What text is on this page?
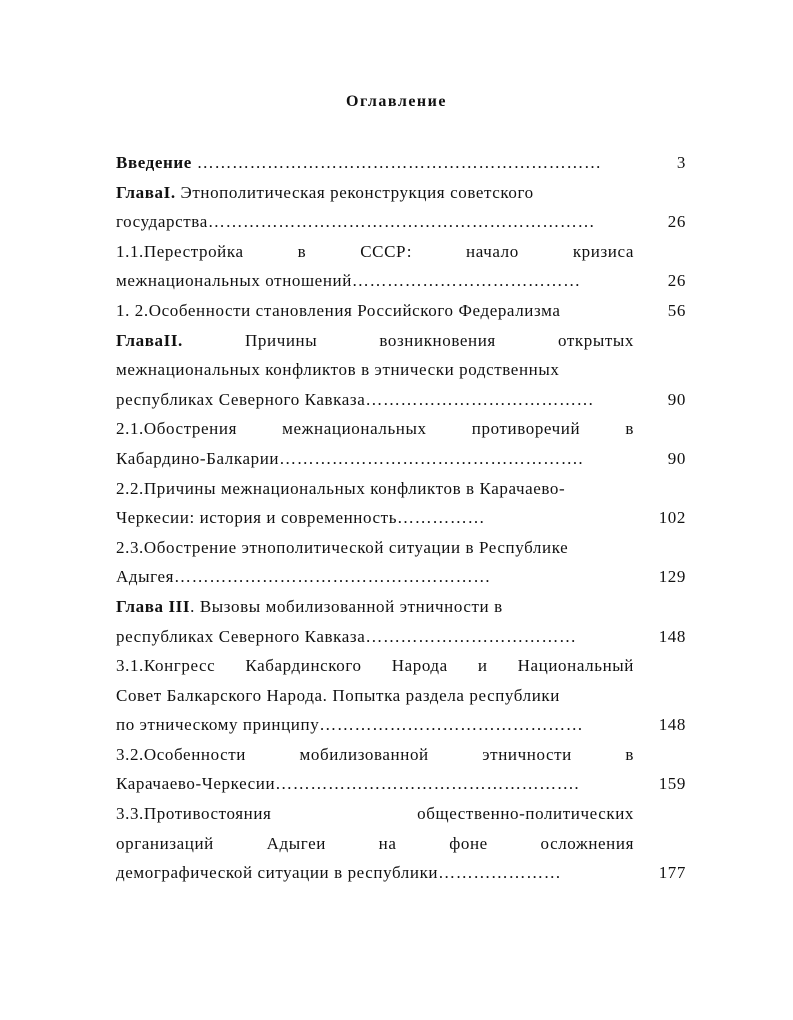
Оглавление
Введение ……………………………………………………………	3
ГлаваI. Этнополитическая реконструкция советского
государства…………………………………………………………	26
1.1.Перестройка в СССР: начало кризиса
межнациональных отношений…………………………………	26
1. 2.Особенности становления Российского Федерализма	56
ГлаваII. Причины возникновения открытых
межнациональных конфликтов в этнически родственных
республиках Северного Кавказа…………………………………	90
2.1.Обострения межнациональных противоречий в
Кабардино-Балкарии…………………………………………….	90
2.2.Причины межнациональных конфликтов в Карачаево-
Черкесии: история и современность……………	102
2.3.Обострение этнополитической ситуации в Республике
Адыгея………………………………………………	129
Глава III. Вызовы мобилизованной этничности в
республиках Северного Кавказа………………………………	148
3.1.Конгресс Кабардинского Народа и Национальный
Совет Балкарского Народа. Попытка раздела республики
по этническому принципу………………………………………	148
3.2.Особенности мобилизованной этничности в
Карачаево-Черкесии…………………………………………….	159
3.3.Противостояния общественно-политических
организаций Адыгеи на фоне осложнения
демографической ситуации в республики…………………	177
